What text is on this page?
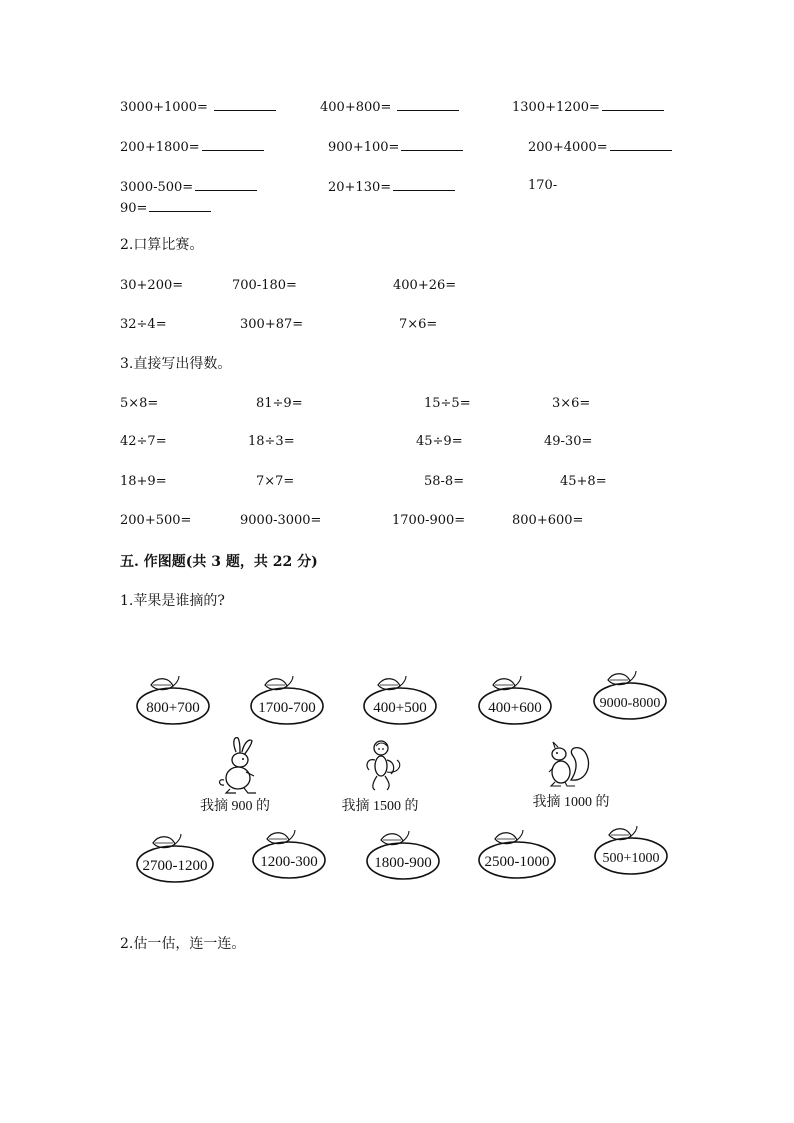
3000+1000=	400+800=	1300+1200=
200+1800=	900+100=	200+4000=
3000-500=	20+130=	170-
90=
2.口算比赛。
30+200=	700-180=	400+26=
32÷4=	300+87=	7×6=
3.直接写出得数。
5×8=	81÷9=	15÷5=	3×6=
42÷7=	18÷3=	45÷9=	49-30=
18+9=	7×7=	58-8=	45+8=
200+500=	9000-3000=	1700-900=	800+600=
五. 作图题(共 3 题，共 22 分)
1.苹果是谁摘的?
800+700	1700-700	400+500	400+600	9000-8000
我摘 900 的	我摘 1500 的	我摘 1000 的
2700-1200	1200-300	1800-900	2500-1000	500+1000
2.估一估，连一连。
